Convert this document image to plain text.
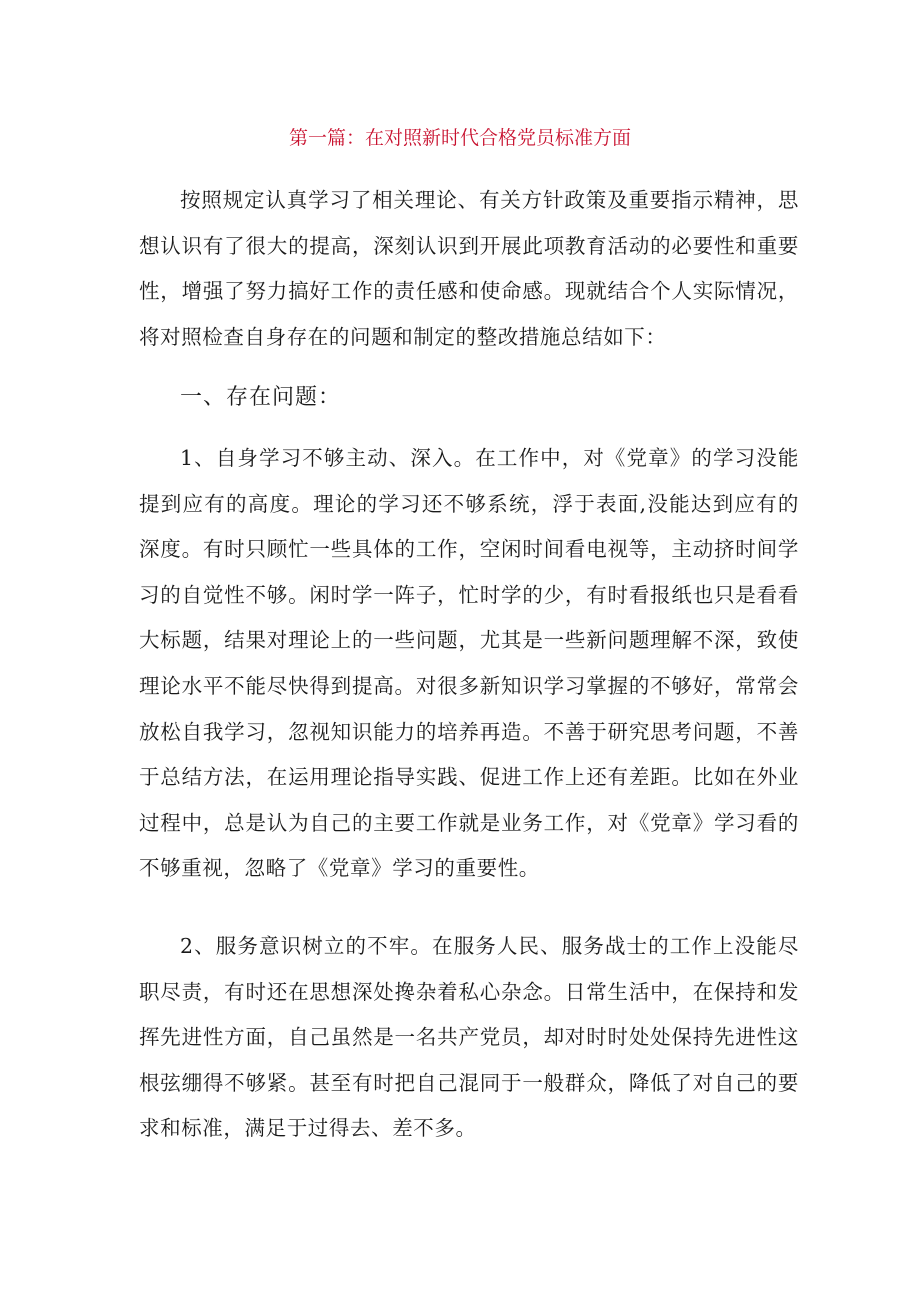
第一篇：在对照新时代合格党员标准方面

按照规定认真学习了相关理论、有关方针政策及重要指示精神，思想认识有了很大的提高，深刻认识到开展此项教育活动的必要性和重要性，增强了努力搞好工作的责任感和使命感。现就结合个人实际情况，将对照检查自身存在的问题和制定的整改措施总结如下：

一、存在问题：

1、自身学习不够主动、深入。在工作中，对《党章》的学习没能提到应有的高度。理论的学习还不够系统，浮于表面,没能达到应有的深度。有时只顾忙一些具体的工作，空闲时间看电视等，主动挤时间学习的自觉性不够。闲时学一阵子，忙时学的少，有时看报纸也只是看看大标题，结果对理论上的一些问题，尤其是一些新问题理解不深，致使理论水平不能尽快得到提高。对很多新知识学习掌握的不够好，常常会放松自我学习，忽视知识能力的培养再造。不善于研究思考问题，不善于总结方法，在运用理论指导实践、促进工作上还有差距。比如在外业过程中，总是认为自己的主要工作就是业务工作，对《党章》学习看的不够重视，忽略了《党章》学习的重要性。

2、服务意识树立的不牢。在服务人民、服务战士的工作上没能尽职尽责，有时还在思想深处搀杂着私心杂念。日常生活中，在保持和发挥先进性方面，自己虽然是一名共产党员，却对时时处处保持先进性这根弦绷得不够紧。甚至有时把自己混同于一般群众，降低了对自己的要求和标准，满足于过得去、差不多。
